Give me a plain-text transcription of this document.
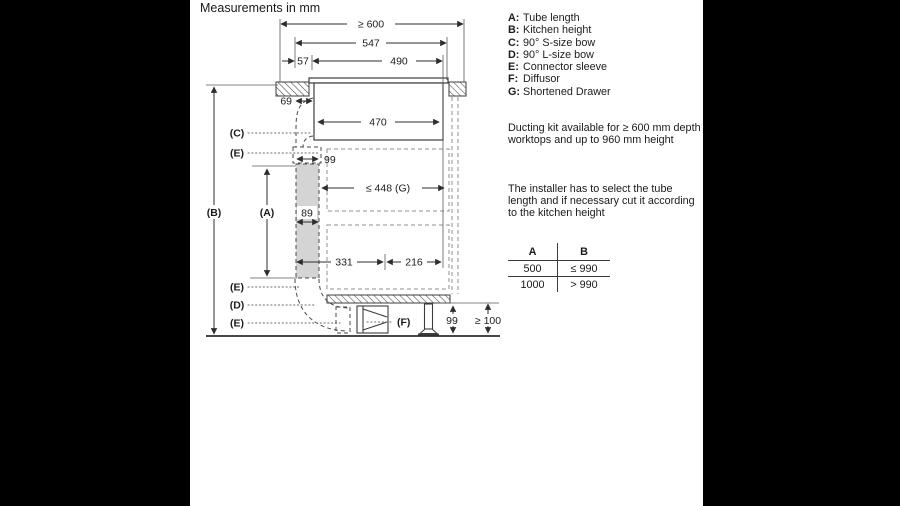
Measurements in mm
A: Tube length
B: Kitchen height
C: 90° S-size bow
D: 90° L-size bow
E: Connector sleeve
F: Diffusor
G: Shortened Drawer
Ducting kit available for ≥ 600 mm depth worktops and up to 960 mm height
The installer has to select the tube length and if necessary cut it according to the kitchen height
A	B
500	≤ 990
1000	> 990
≥ 600
547
57	490
69
470
99
≤ 448 (G)
89
331	216
(A)
(B)
99 ≥ 100
(C)
(E)
(E)
(D)
(E)	(F)
